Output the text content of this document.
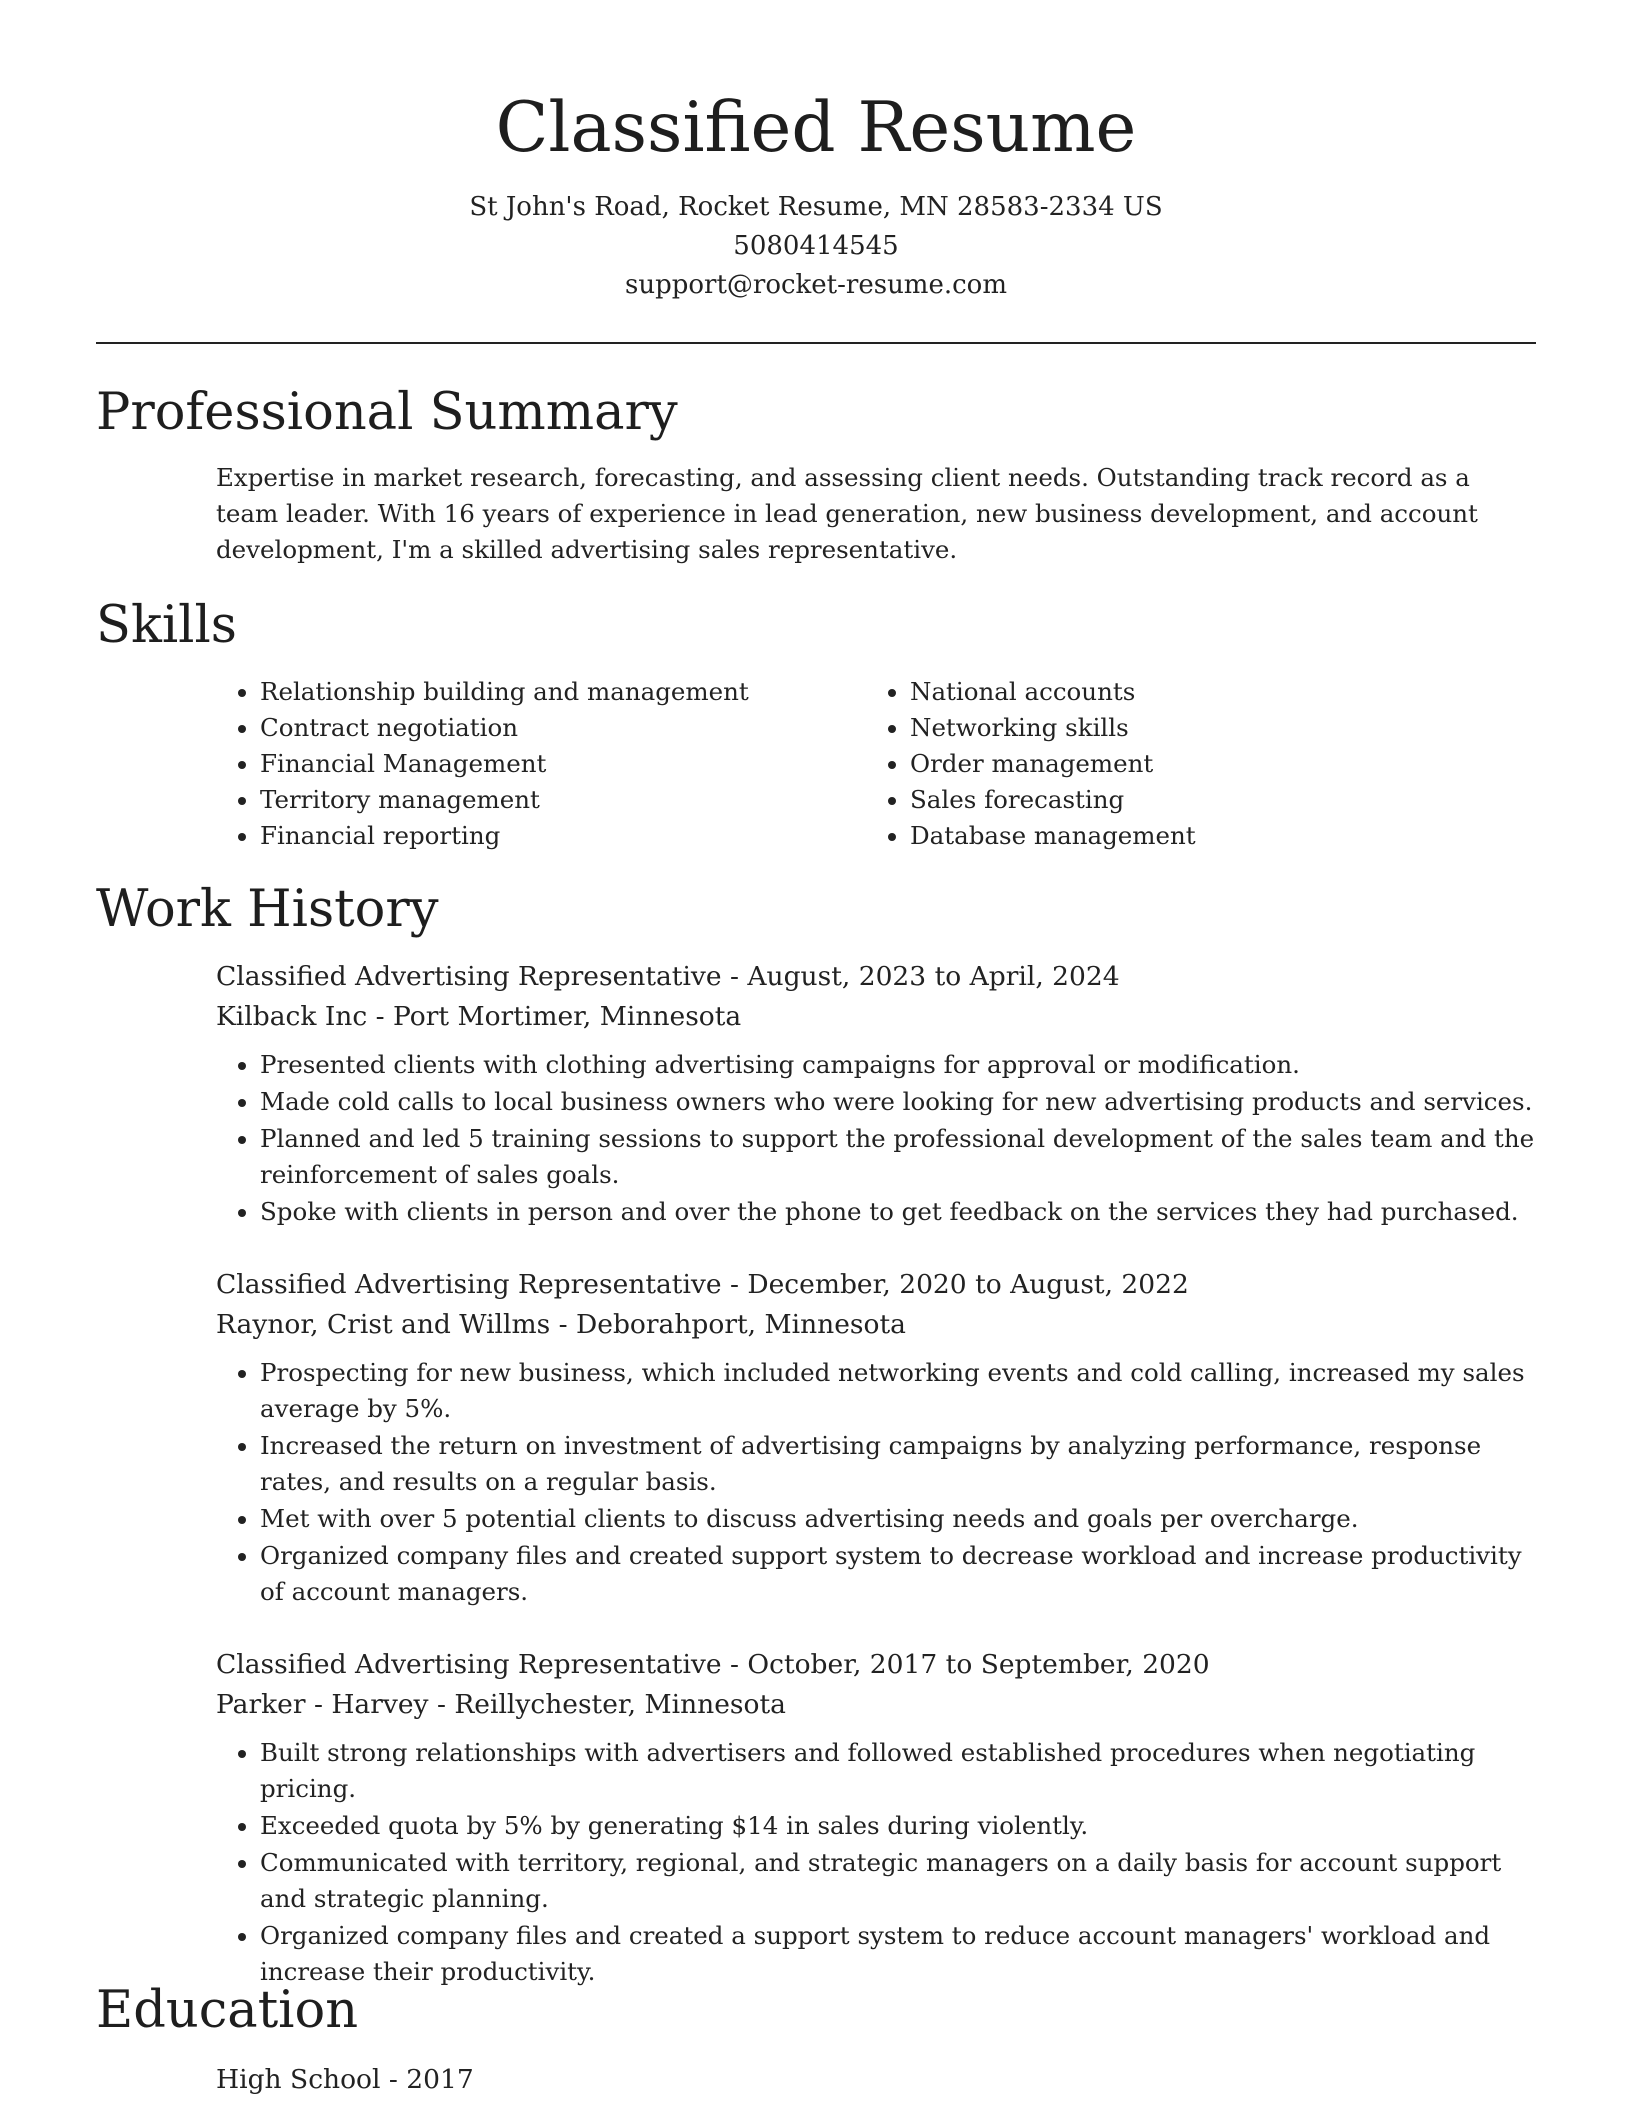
Classified Resume

St John's Road, Rocket Resume, MN 28583-2334 US

5080414545

support@rocket-resume.com

Professional Summary

Expertise in market research, forecasting, and assessing client needs. Outstanding track record as a team leader. With 16 years of experience in lead generation, new business development, and account development, I'm a skilled advertising sales representative.

Skills
• Relationship building and management
• Contract negotiation
• Financial Management
• Territory management
• Financial reporting
• National accounts
• Networking skills
• Order management
• Sales forecasting
• Database management
Work History

Classified Advertising Representative - August, 2023 to April, 2024

Kilback Inc - Port Mortimer, Minnesota

• Presented clients with clothing advertising campaigns for approval or modification.
• Made cold calls to local business owners who were looking for new advertising products and services.
• Planned and led 5 training sessions to support the professional development of the sales team and the reinforcement of sales goals.
• Spoke with clients in person and over the phone to get feedback on the services they had purchased.

Classified Advertising Representative - December, 2020 to August, 2022

Raynor, Crist and Willms - Deborahport, Minnesota

• Prospecting for new business, which included networking events and cold calling, increased my sales average by 5%.
• Increased the return on investment of advertising campaigns by analyzing performance, response rates, and results on a regular basis.
• Met with over 5 potential clients to discuss advertising needs and goals per overcharge.
• Organized company files and created support system to decrease workload and increase productivity of account managers.

Classified Advertising Representative - October, 2017 to September, 2020

Parker - Harvey - Reillychester, Minnesota

• Built strong relationships with advertisers and followed established procedures when negotiating pricing.
• Exceeded quota by 5% by generating $14 in sales during violently.
• Communicated with territory, regional, and strategic managers on a daily basis for account support and strategic planning.
• Organized company files and created a support system to reduce account managers' workload and increase their productivity.
Education

High School - 2017
